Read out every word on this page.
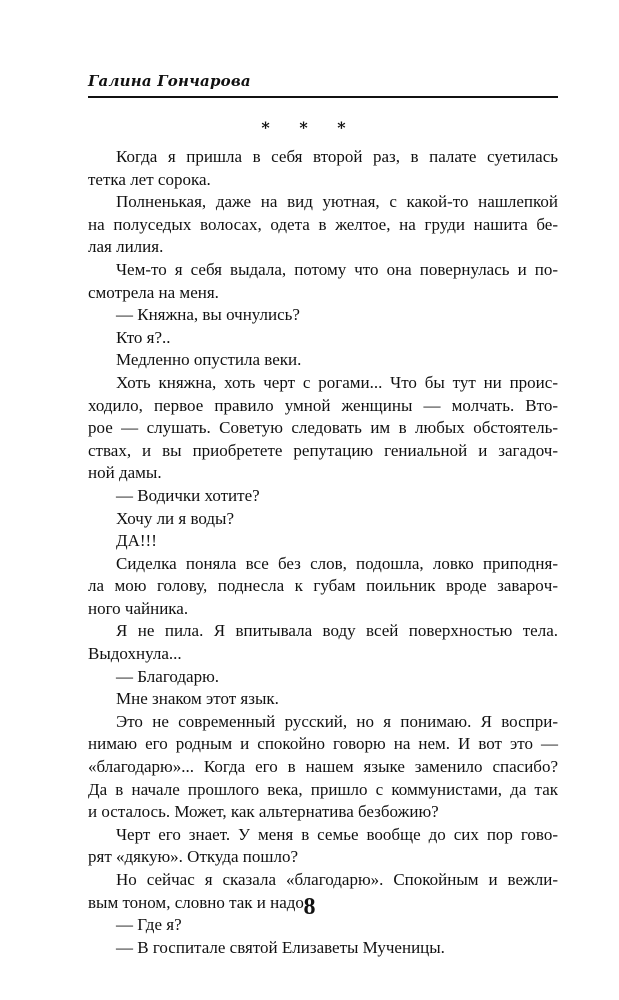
Галина Гончарова
* * *
Когда я пришла в себя второй раз, в палате суетилась
тетка лет сорока.
Полненькая, даже на вид уютная, с какой-то нашлепкой
на полуседых волосах, одета в желтое, на груди нашита бе-
лая лилия.
Чем-то я себя выдала, потому что она повернулась и по-
смотрела на меня.
— Княжна, вы очнулись?
Кто я?..
Медленно опустила веки.
Хоть княжна, хоть черт с рогами... Что бы тут ни проис-
ходило, первое правило умной женщины — молчать. Вто-
рое — слушать. Советую следовать им в любых обстоятель-
ствах, и вы приобретете репутацию гениальной и загадоч-
ной дамы.
— Водички хотите?
Хочу ли я воды?
ДА!!!
Сиделка поняла все без слов, подошла, ловко приподня-
ла мою голову, поднесла к губам поильник вроде заварoч-
ного чайника.
Я не пила. Я впитывала воду всей поверхностью тела.
Выдохнула...
— Благодарю.
Мне знаком этот язык.
Это не современный русский, но я понимаю. Я воспри-
нимаю его родным и спокойно говорю на нем. И вот это —
«благодарю»... Когда его в нашем языке заменило спасибо?
Да в начале прошлого века, пришло с коммунистами, да так
и осталось. Может, как альтернатива безбожию?
Черт его знает. У меня в семье вообще до сих пор гово-
рят «дякую». Откуда пошло?
Но сейчас я сказала «благодарю». Спокойным и вежли-
вым тоном, словно так и надо.
— Где я?
— В госпитале святой Елизаветы Мученицы.
8
